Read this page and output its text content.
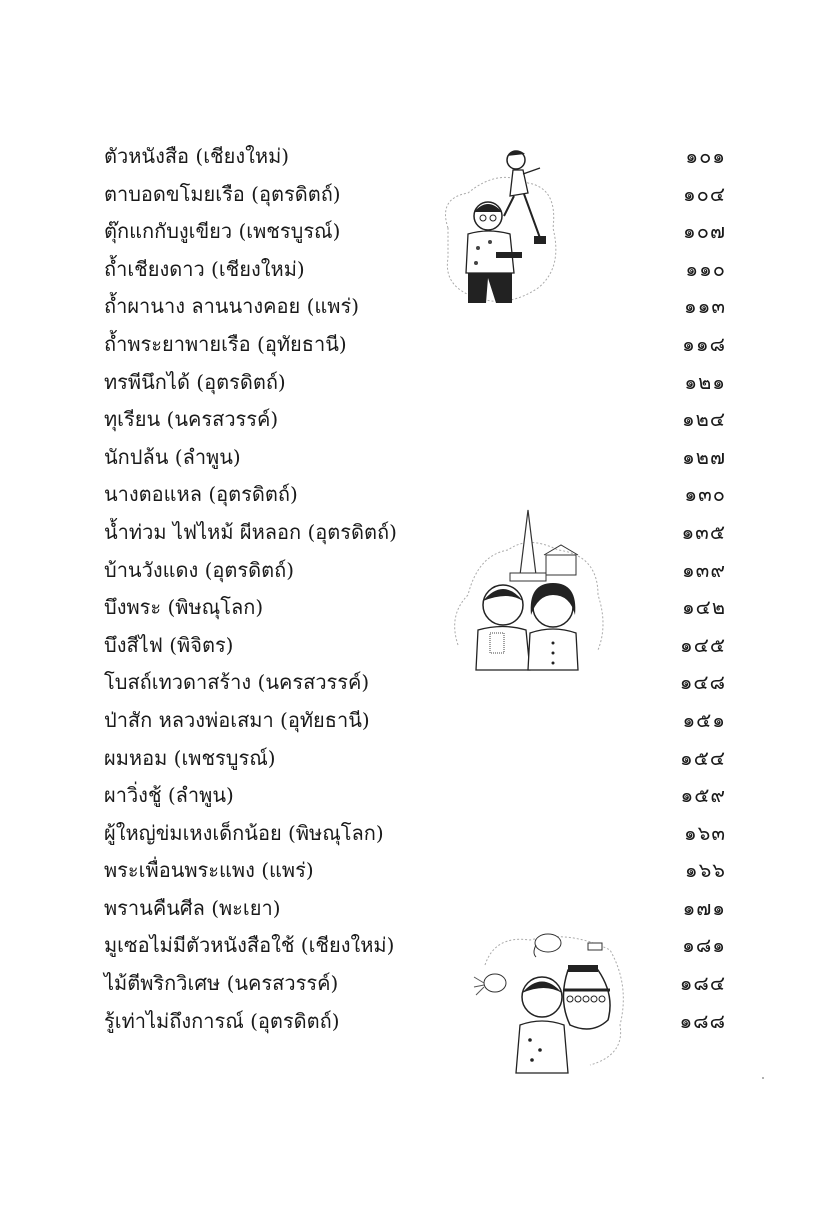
ตัวหนังสือ (เชียงใหม่)	๑๐๑
ตาบอดขโมยเรือ (อุตรดิตถ์)	๑๐๔
ตุ๊กแกกับงูเขียว (เพชรบูรณ์)	๑๐๗
ถ้ำเชียงดาว (เชียงใหม่)	๑๑๐
ถ้ำผานาง ลานนางคอย (แพร่)	๑๑๓
ถ้ำพระยาพายเรือ (อุทัยธานี)	๑๑๘
ทรพีนึกได้ (อุตรดิตถ์)	๑๒๑
ทุเรียน (นครสวรรค์)	๑๒๔
นักปล้น (ลำพูน)	๑๒๗
นางตอแหล (อุตรดิตถ์)	๑๓๐
น้ำท่วม ไฟไหม้ ผีหลอก (อุตรดิตถ์)	๑๓๕
บ้านวังแดง (อุตรดิตถ์)	๑๓๙
บึงพระ (พิษณุโลก)	๑๔๒
บึงสีไฟ (พิจิตร)	๑๔๕
โบสถ์เทวดาสร้าง (นครสวรรค์)	๑๔๘
ป่าสัก หลวงพ่อเสมา (อุทัยธานี)	๑๕๑
ผมหอม (เพชรบูรณ์)	๑๕๔
ผาวิ่งชู้ (ลำพูน)	๑๕๙
ผู้ใหญ่ข่มเหงเด็กน้อย (พิษณุโลก)	๑๖๓
พระเพื่อนพระแพง (แพร่)	๑๖๖
พรานคืนศีล (พะเยา)	๑๗๑
มูเซอไม่มีตัวหนังสือใช้ (เชียงใหม่)	๑๘๑
ไม้ตีพริกวิเศษ (นครสวรรค์)	๑๘๔
รู้เท่าไม่ถึงการณ์ (อุตรดิตถ์)	๑๘๘
